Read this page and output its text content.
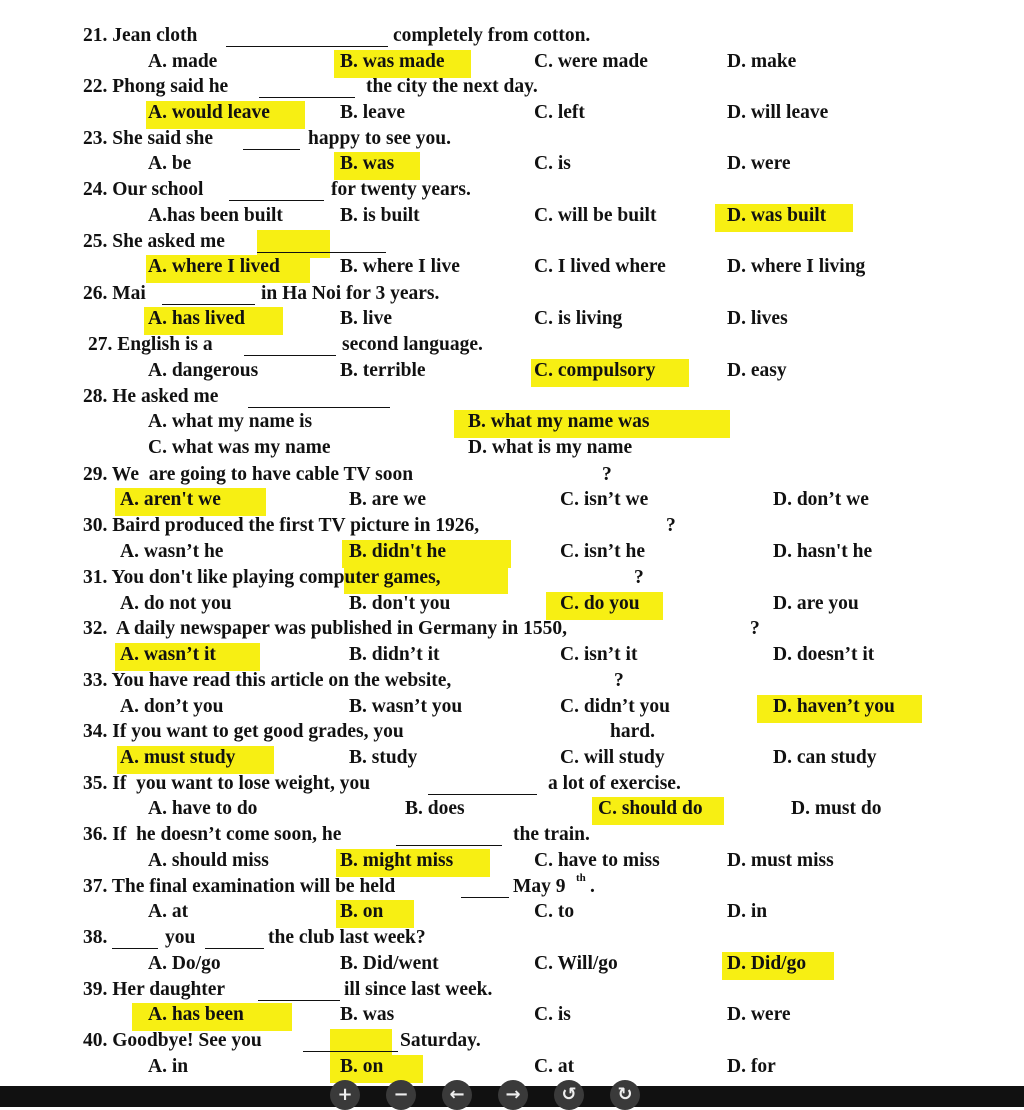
21. Jean cloth	completely from cotton.
A. made	B. was made	C. were made	D. make
22. Phong said he	the city the next day.
A. would leave	B. leave	C. left	D. will leave
23. She said she	happy to see you.
A. be	B. was	C. is	D. were
24. Our school	for twenty years.
A.has been built	B. is built	C. will be built	D. was built
25. She asked me
A. where I lived	B. where I live	C. I lived where	D. where I living
26. Mai	in Ha Noi for 3 years.
A. has lived	B. live	C. is living	D. lives
27. English is a	second language.
A. dangerous	B. terrible	C. compulsory	D. easy
28. He asked me
A. what my name is	B. what my name was
C. what was my name	D. what is my name
29. We  are going to have cable TV soon	?
A. aren't we	B. are we	C. isn’t we	D. don’t we
30. Baird produced the first TV picture in 1926,	?
A. wasn’t he	B. didn't he	C. isn’t he	D. hasn't he
31. You don't like playing computer games,	?
A. do not you	B. don't you	C. do you	D. are you
32.  A daily newspaper was published in Germany in 1550,	?
A. wasn’t it	B. didn’t it	C. isn’t it	D. doesn’t it
33. You have read this article on the website,	?
A. don’t you	B. wasn’t you	C. didn’t you	D. haven’t you
34. If you want to get good grades, you	hard.
A. must study	B. study	C. will study	D. can study
35. If  you want to lose weight, you	a lot of exercise.
A. have to do	B. does	C. should do	D. must do
36. If  he doesn’t come soon, he	the train.
A. should miss	B. might miss	C. have to miss	D. must miss
37. The final examination will be held	May 9 th .
A. at	B. on	C. to	D. in
38.	you	the club last week?
A. Do/go	B. Did/went	C. Will/go	D. Did/go
39. Her daughter	ill since last week.
A. has been	B. was	C. is	D. were
40. Goodbye! See you	Saturday.
A. in	B. on	C. at	D. for
+	−	←	→	↺	↻
